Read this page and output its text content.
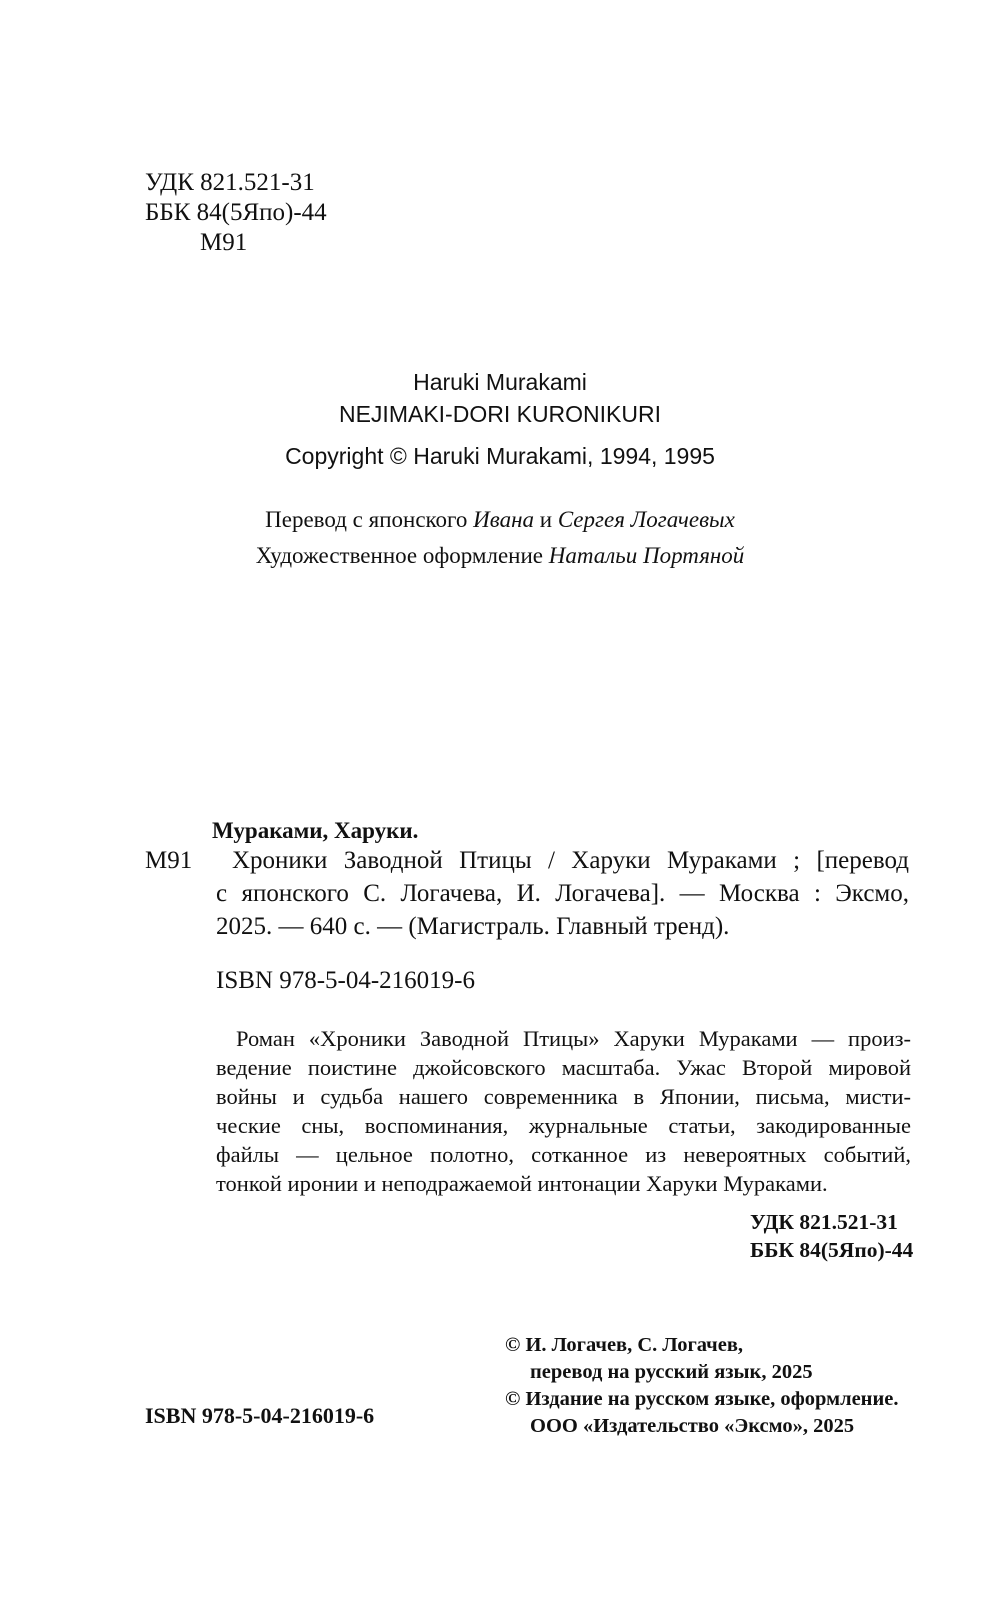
УДК 821.521-31
ББК 84(5Япо)-44
М91
Haruki Murakami
NEJIMAKI-DORI KURONIKURI
Copyright © Haruki Murakami, 1994, 1995
Перевод с японского Ивана и Сергея Логачевых
Художественное оформление Натальи Портяной
Мураками, Харуки.
М91	Хроники Заводной Птицы / Харуки Мураками ; [перевод
с японского С. Логачева, И. Логачева]. — Москва : Эксмо,
2025. — 640 с. — (Магистраль. Главный тренд).
ISBN 978-5-04-216019-6
Роман «Хроники Заводной Птицы» Харуки Мураками — произ-
ведение поистине джойсовского масштаба. Ужас Второй мировой
войны и судьба нашего современника в Японии, письма, мисти-
ческие сны, воспоминания, журнальные статьи, закодированные
файлы — цельное полотно, сотканное из невероятных событий,
тонкой иронии и неподражаемой интонации Харуки Мураками.
УДК 821.521-31
ББК 84(5Япо)-44
ISBN 978-5-04-216019-6
© И. Логачев, С. Логачев,
перевод на русский язык, 2025
© Издание на русском языке, оформление.
ООО «Издательство «Эксмо», 2025
